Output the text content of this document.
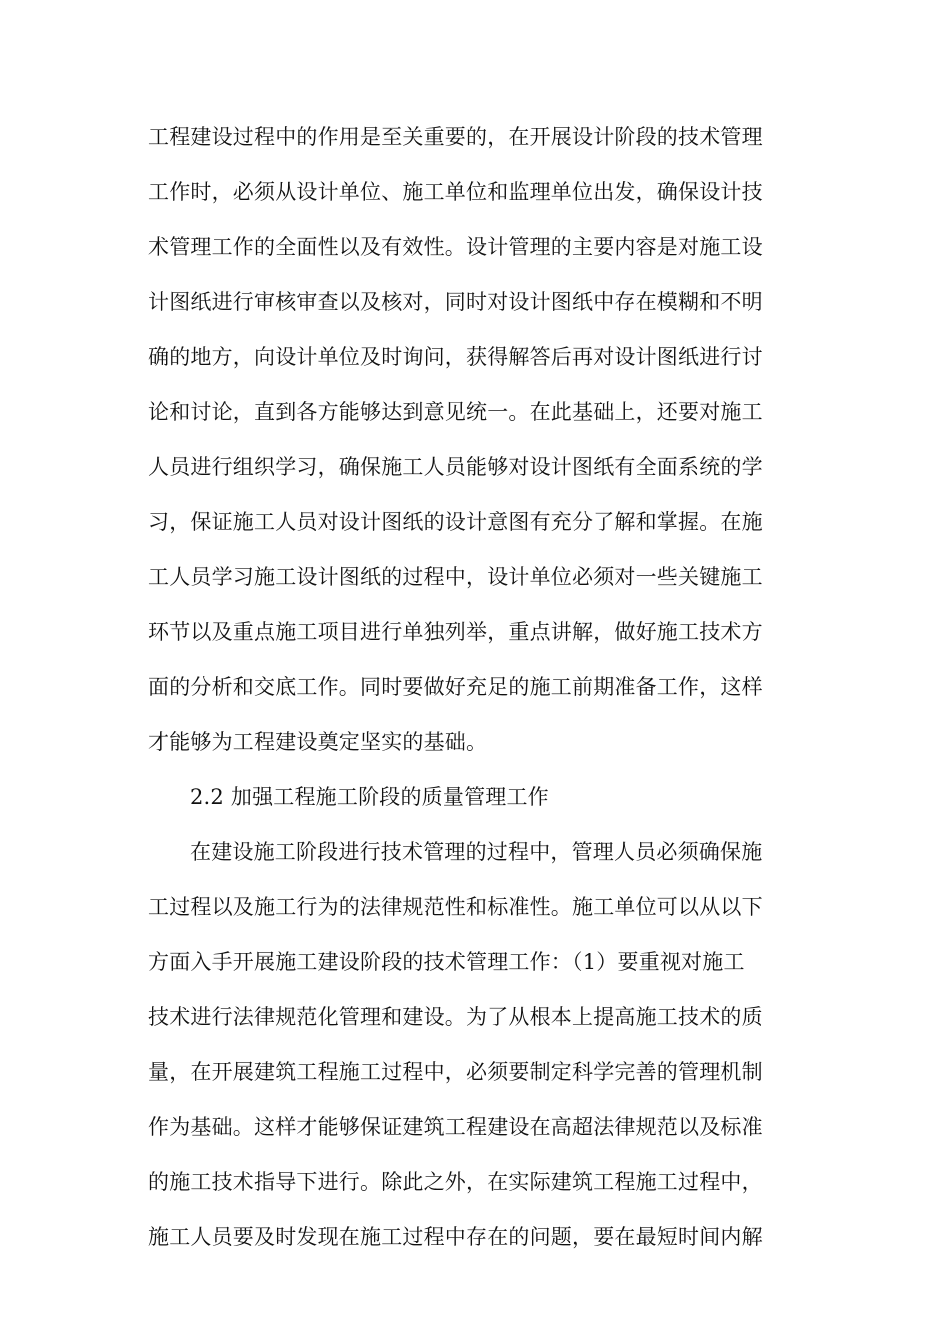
工程建设过程中的作用是至关重要的，在开展设计阶段的技术管理
工作时，必须从设计单位、施工单位和监理单位出发，确保设计技
术管理工作的全面性以及有效性。设计管理的主要内容是对施工设
计图纸进行审核审查以及核对，同时对设计图纸中存在模糊和不明
确的地方，向设计单位及时询问，获得解答后再对设计图纸进行讨
论和讨论，直到各方能够达到意见统一。在此基础上，还要对施工
人员进行组织学习，确保施工人员能够对设计图纸有全面系统的学
习，保证施工人员对设计图纸的设计意图有充分了解和掌握。在施
工人员学习施工设计图纸的过程中，设计单位必须对一些关键施工
环节以及重点施工项目进行单独列举，重点讲解，做好施工技术方
面的分析和交底工作。同时要做好充足的施工前期准备工作，这样
才能够为工程建设奠定坚实的基础。
2.2 加强工程施工阶段的质量管理工作
在建设施工阶段进行技术管理的过程中，管理人员必须确保施
工过程以及施工行为的法律规范性和标准性。施工单位可以从以下
方面入手开展施工建设阶段的技术管理工作：（1）要重视对施工
技术进行法律规范化管理和建设。为了从根本上提高施工技术的质
量，在开展建筑工程施工过程中，必须要制定科学完善的管理机制
作为基础。这样才能够保证建筑工程建设在高超法律规范以及标准
的施工技术指导下进行。除此之外，在实际建筑工程施工过程中，
施工人员要及时发现在施工过程中存在的问题，要在最短时间内解
